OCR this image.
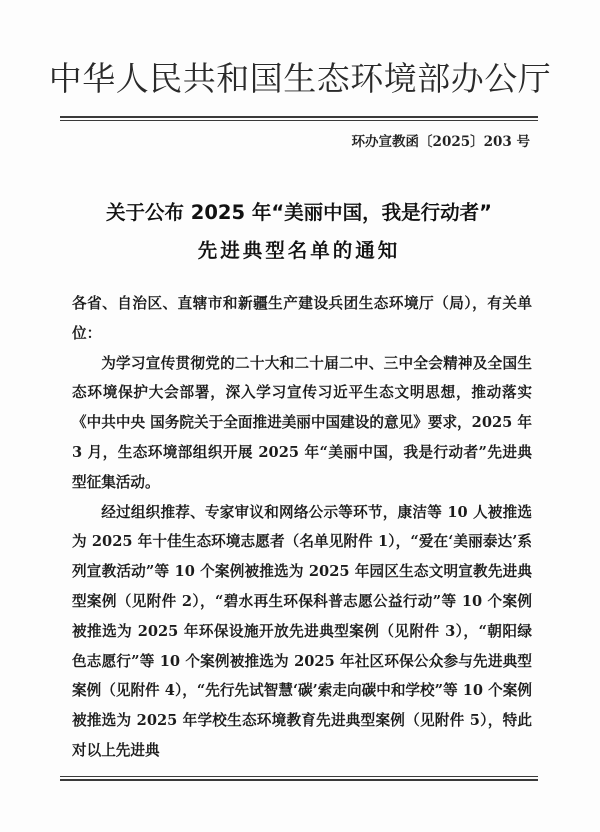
中华人民共和国生态环境部办公厅
环办宣教函〔2025〕203 号
关于公布 2025 年“美丽中国，我是行动者”
先进典型名单的通知

各省、自治区、直辖市和新疆生产建设兵团生态环境厅（局），有关单位：

为学习宣传贯彻党的二十大和二十届二中、三中全会精神及全国生态环境保护大会部署，深入学习宣传习近平生态文明思想，推动落实《中共中央 国务院关于全面推进美丽中国建设的意见》要求，2025 年 3 月，生态环境部组织开展 2025 年“美丽中国，我是行动者”先进典型征集活动。

经过组织推荐、专家审议和网络公示等环节，康洁等 10 人被推选为 2025 年十佳生态环境志愿者（名单见附件 1），“爱在‘美丽泰达’系列宣教活动”等 10 个案例被推选为 2025 年园区生态文明宣教先进典型案例（见附件 2），“碧水再生环保科普志愿公益行动”等 10 个案例被推选为 2025 年环保设施开放先进典型案例（见附件 3），“朝阳绿色志愿行”等 10 个案例被推选为 2025 年社区环保公众参与先进典型案例（见附件 4），“先行先试智慧‘碳’索走向碳中和学校”等 10 个案例被推选为 2025 年学校生态环境教育先进典型案例（见附件 5），特此对以上先进典
